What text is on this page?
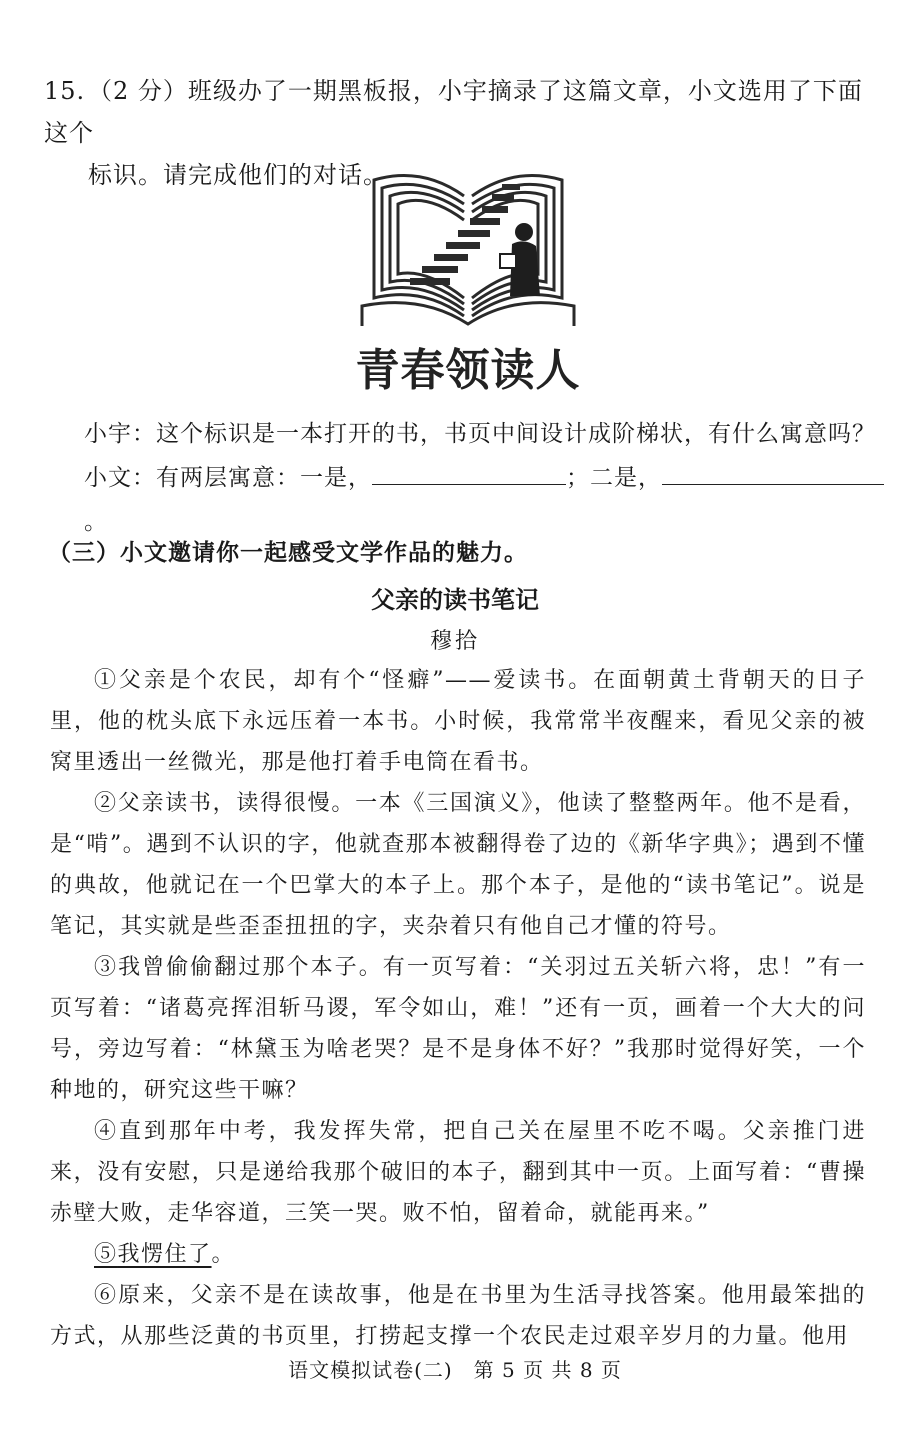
15. （2 分）班级办了一期黑板报，小宇摘录了这篇文章，小文选用了下面这个
标识。请完成他们的对话。
青春领读人
小宇：这个标识是一本打开的书，书页中间设计成阶梯状，有什么寓意吗？
小文：有两层寓意：一是，	；二是，。
（三）小文邀请你一起感受文学作品的魅力。
父亲的读书笔记
穆拾

①父亲是个农民，却有个“怪癖”——爱读书。在面朝黄土背朝天的日子里，他的枕头底下永远压着一本书。小时候，我常常半夜醒来，看见父亲的被窝里透出一丝微光，那是他打着手电筒在看书。

②父亲读书，读得很慢。一本《三国演义》，他读了整整两年。他不是看，是“啃”。遇到不认识的字，他就查那本被翻得卷了边的《新华字典》；遇到不懂的典故，他就记在一个巴掌大的本子上。那个本子，是他的“读书笔记”。说是笔记，其实就是些歪歪扭扭的字，夹杂着只有他自己才懂的符号。

③我曾偷偷翻过那个本子。有一页写着：“关羽过五关斩六将，忠！”有一页写着：“诸葛亮挥泪斩马谡，军令如山，难！”还有一页，画着一个大大的问号，旁边写着：“林黛玉为啥老哭？是不是身体不好？”我那时觉得好笑，一个种地的，研究这些干嘛？

④直到那年中考，我发挥失常，把自己关在屋里不吃不喝。父亲推门进来，没有安慰，只是递给我那个破旧的本子，翻到其中一页。上面写着：“曹操赤壁大败，走华容道，三笑一哭。败不怕，留着命，就能再来。”

⑤我愣住了。

⑥原来，父亲不是在读故事，他是在书里为生活寻找答案。他用最笨拙的方式，从那些泛黄的书页里，打捞起支撑一个农民走过艰辛岁月的力量。他用

语文模拟试卷(二)　第 5 页 共 8 页
